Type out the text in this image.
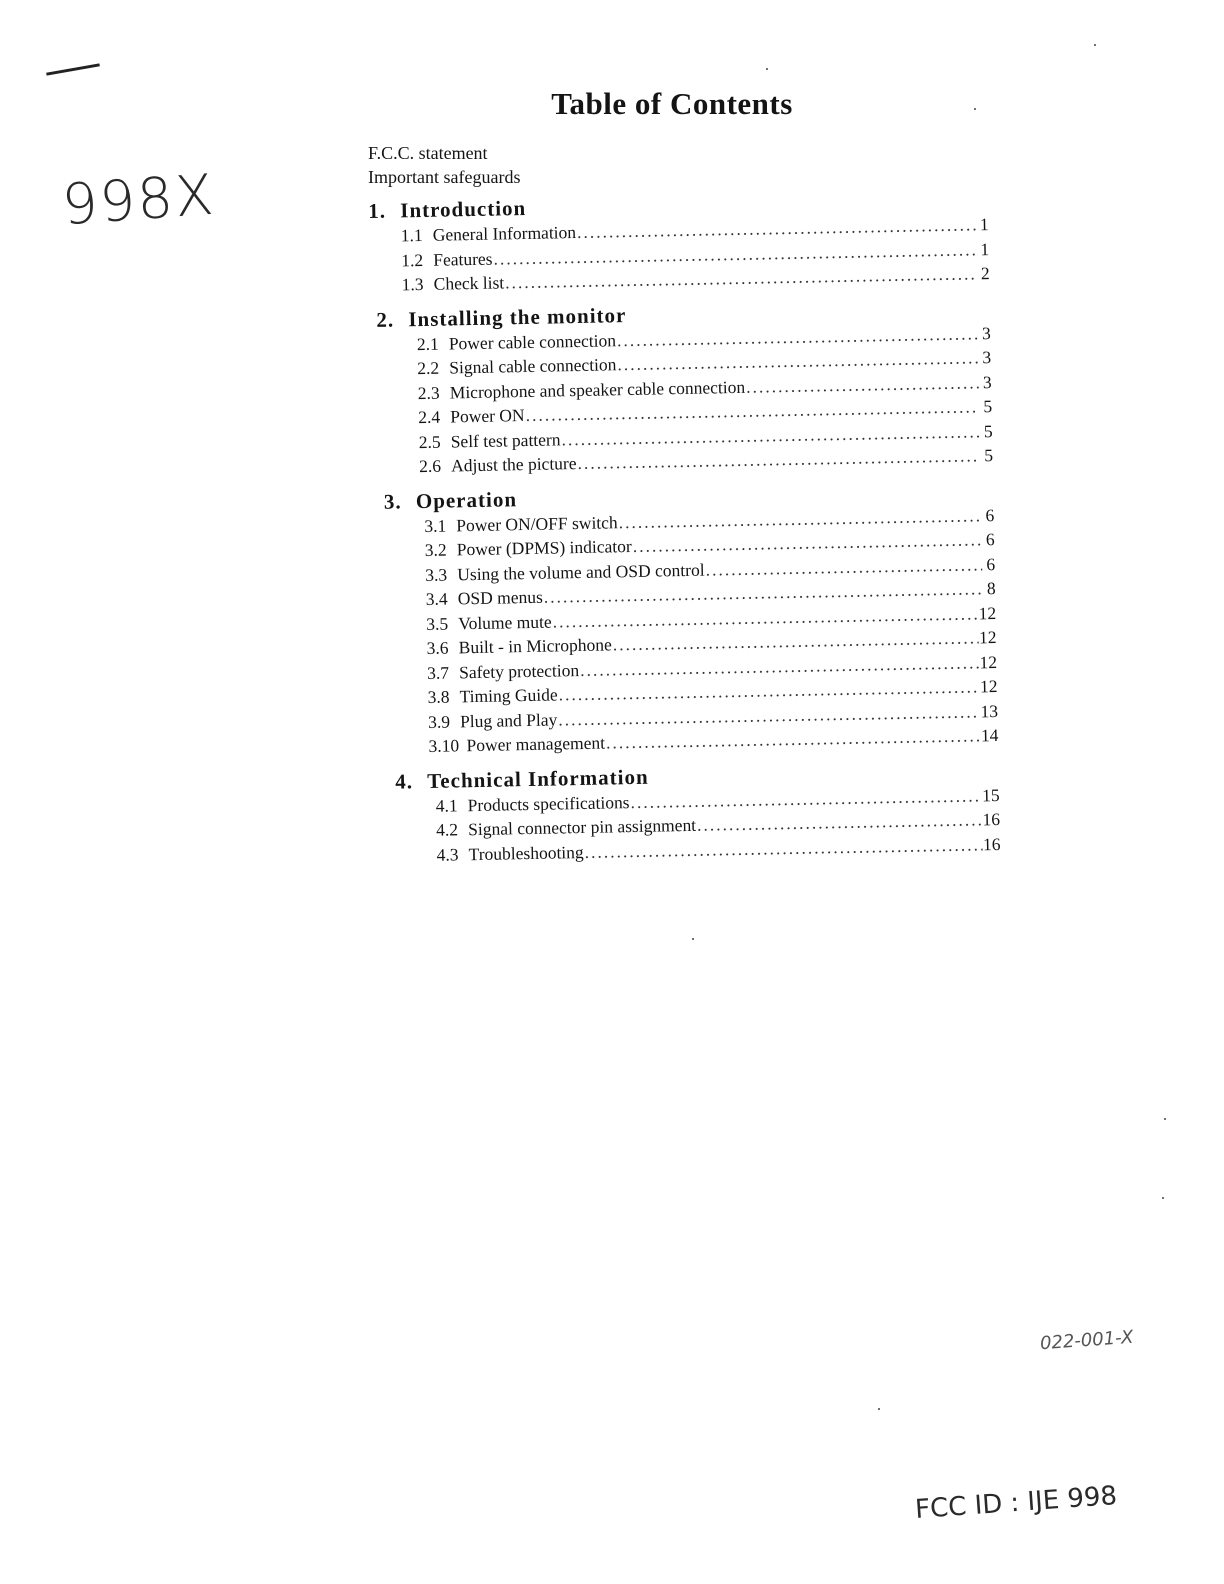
998X
Table of Contents
F.C.C. statement
Important safeguards
1. Introduction
1.1 General Information .....	1
1.2 Features .....	1
1.3 Check list .....	2
2. Installing the monitor
2.1 Power cable connection .....	3
2.2 Signal cable connection .....	3
2.3 Microphone and speaker cable connection .....	3
2.4 Power ON .....	5
2.5 Self test pattern .....	5
2.6 Adjust the picture .....	5
3. Operation
3.1 Power ON/OFF switch .....	6
3.2 Power (DPMS) indicator .....	6
3.3 Using the volume and OSD control .....	6
3.4 OSD menus .....	8
3.5 Volume mute .....	12
3.6 Built - in Microphone .....	12
3.7 Safety protection .....	12
3.8 Timing Guide .....	12
3.9 Plug and Play .....	13
3.10 Power management .....	14
4. Technical Information
4.1 Products specifications .....	15
4.2 Signal connector pin assignment .....	16
4.3 Troubleshooting .....	16
022-001-X
FCC ID : IJE 998
